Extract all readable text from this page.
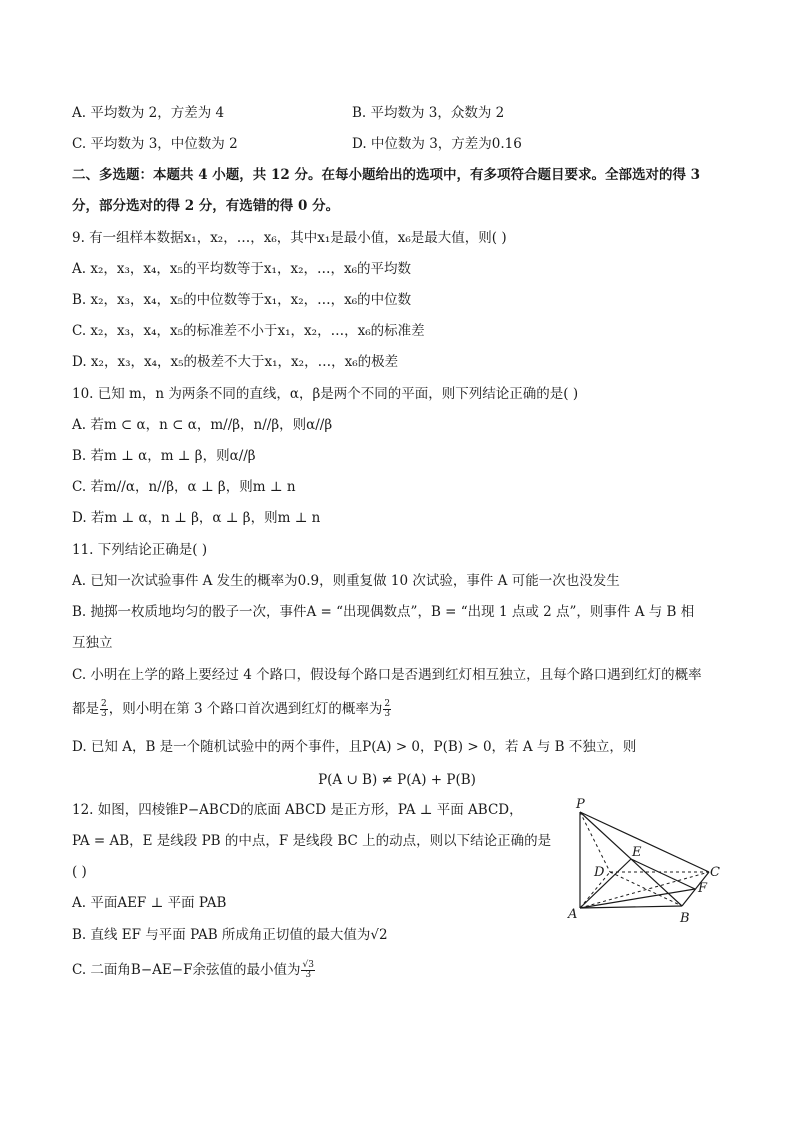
A. 平均数为 2，方差为 4	B. 平均数为 3，众数为 2
C. 平均数为 3，中位数为 2	D. 中位数为 3，方差为0.16
二、多选题：本题共 4 小题，共 12 分。在每小题给出的选项中，有多项符合题目要求。全部选对的得 3
分，部分选对的得 2 分，有选错的得 0 分。
9. 有一组样本数据x₁，x₂，…，x₆，其中x₁是最小值，x₆是最大值，则( )
A. x₂，x₃，x₄，x₅的平均数等于x₁，x₂，…，x₆的平均数
B. x₂，x₃，x₄，x₅的中位数等于x₁，x₂，…，x₆的中位数
C. x₂，x₃，x₄，x₅的标准差不小于x₁，x₂，…，x₆的标准差
D. x₂，x₃，x₄，x₅的极差不大于x₁，x₂，…，x₆的极差
10. 已知 m，n 为两条不同的直线，α，β是两个不同的平面，则下列结论正确的是( )
A. 若m ⊂ α，n ⊂ α，m//β，n//β，则α//β
B. 若m ⊥ α，m ⊥ β，则α//β
C. 若m//α，n//β，α ⊥ β，则m ⊥ n
D. 若m ⊥ α，n ⊥ β，α ⊥ β，则m ⊥ n
11. 下列结论正确是( )
A. 已知一次试验事件 A 发生的概率为0.9，则重复做 10 次试验，事件 A 可能一次也没发生
B. 抛掷一枚质地均匀的骰子一次，事件A = “出现偶数点”，B = “出现 1 点或 2 点”，则事件 A 与 B 相
互独立
C. 小明在上学的路上要经过 4 个路口，假设每个路口是否遇到红灯相互独立，且每个路口遇到红灯的概率
都是 $\frac{2}{3}$ ，则小明在第 3 个路口首次遇到红灯的概率为 $\frac{2}{3}$
D. 已知 A，B 是一个随机试验中的两个事件，且P(A) > 0，P(B) > 0，若 A 与 B 不独立，则
P(A ∪ B) ≠ P(A) + P(B)
12. 如图，四棱锥P−ABCD的底面 ABCD 是正方形，PA ⊥ 平面 ABCD，
PA = AB，E 是线段 PB 的中点，F 是线段 BC 上的动点，则以下结论正确的是
( )
A. 平面AEF ⊥ 平面 PAB
B. 直线 EF 与平面 PAB 所成角正切值的最大值为√2
C. 二面角B−AE−F余弦值的最小值为 $\frac{√3}{3}$
P
A	B
C
D
E
F
